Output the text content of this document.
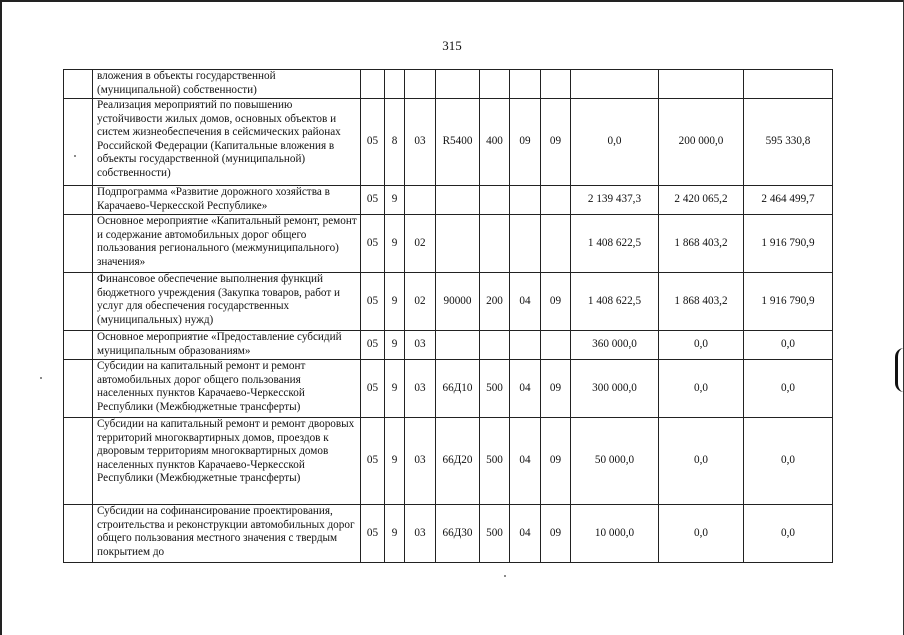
315
	вложения в объекты государственной (муниципальной) собственности)										
	Реализация мероприятий по повышению устойчивости жилых домов, основных объектов и систем жизнеобеспечения в сейсмических районах Российской Федерации (Капитальные вложения в объекты государственной (муниципальной) собственности)	05	8	03	R5400	400	09	09	0,0	200 000,0	595 330,8
	Подпрограмма «Развитие дорожного хозяйства в Карачаево-Черкесской Республике»	05	9						2 139 437,3	2 420 065,2	2 464 499,7
	Основное мероприятие «Капитальный ремонт, ремонт и содержание автомобильных дорог общего пользования регионального (межмуниципального) значения»	05	9	02					1 408 622,5	1 868 403,2	1 916 790,9
	Финансовое обеспечение выполнения функций бюджетного учреждения (Закупка товаров, работ и услуг для обеспечения государственных (муниципальных) нужд)	05	9	02	90000	200	04	09	1 408 622,5	1 868 403,2	1 916 790,9
	Основное мероприятие «Предоставление субсидий муниципальным образованиям»	05	9	03					360 000,0	0,0	0,0
	Субсидии на капитальный ремонт и ремонт автомобильных дорог общего пользования населенных пунктов Карачаево-Черкесской Республики (Межбюджетные трансферты)	05	9	03	66Д10	500	04	09	300 000,0	0,0	0,0
	Субсидии на капитальный ремонт и ремонт дворовых территорий многоквартирных домов, проездов к дворовым территориям многоквартирных домов населенных пунктов Карачаево-Черкесской Республики (Межбюджетные трансферты)	05	9	03	66Д20	500	04	09	50 000,0	0,0	0,0
	Субсидии на софинансирование проектирования, строительства и реконструкции автомобильных дорог общего пользования местного значения с твердым покрытием до	05	9	03	66Д30	500	04	09	10 000,0	0,0	0,0
